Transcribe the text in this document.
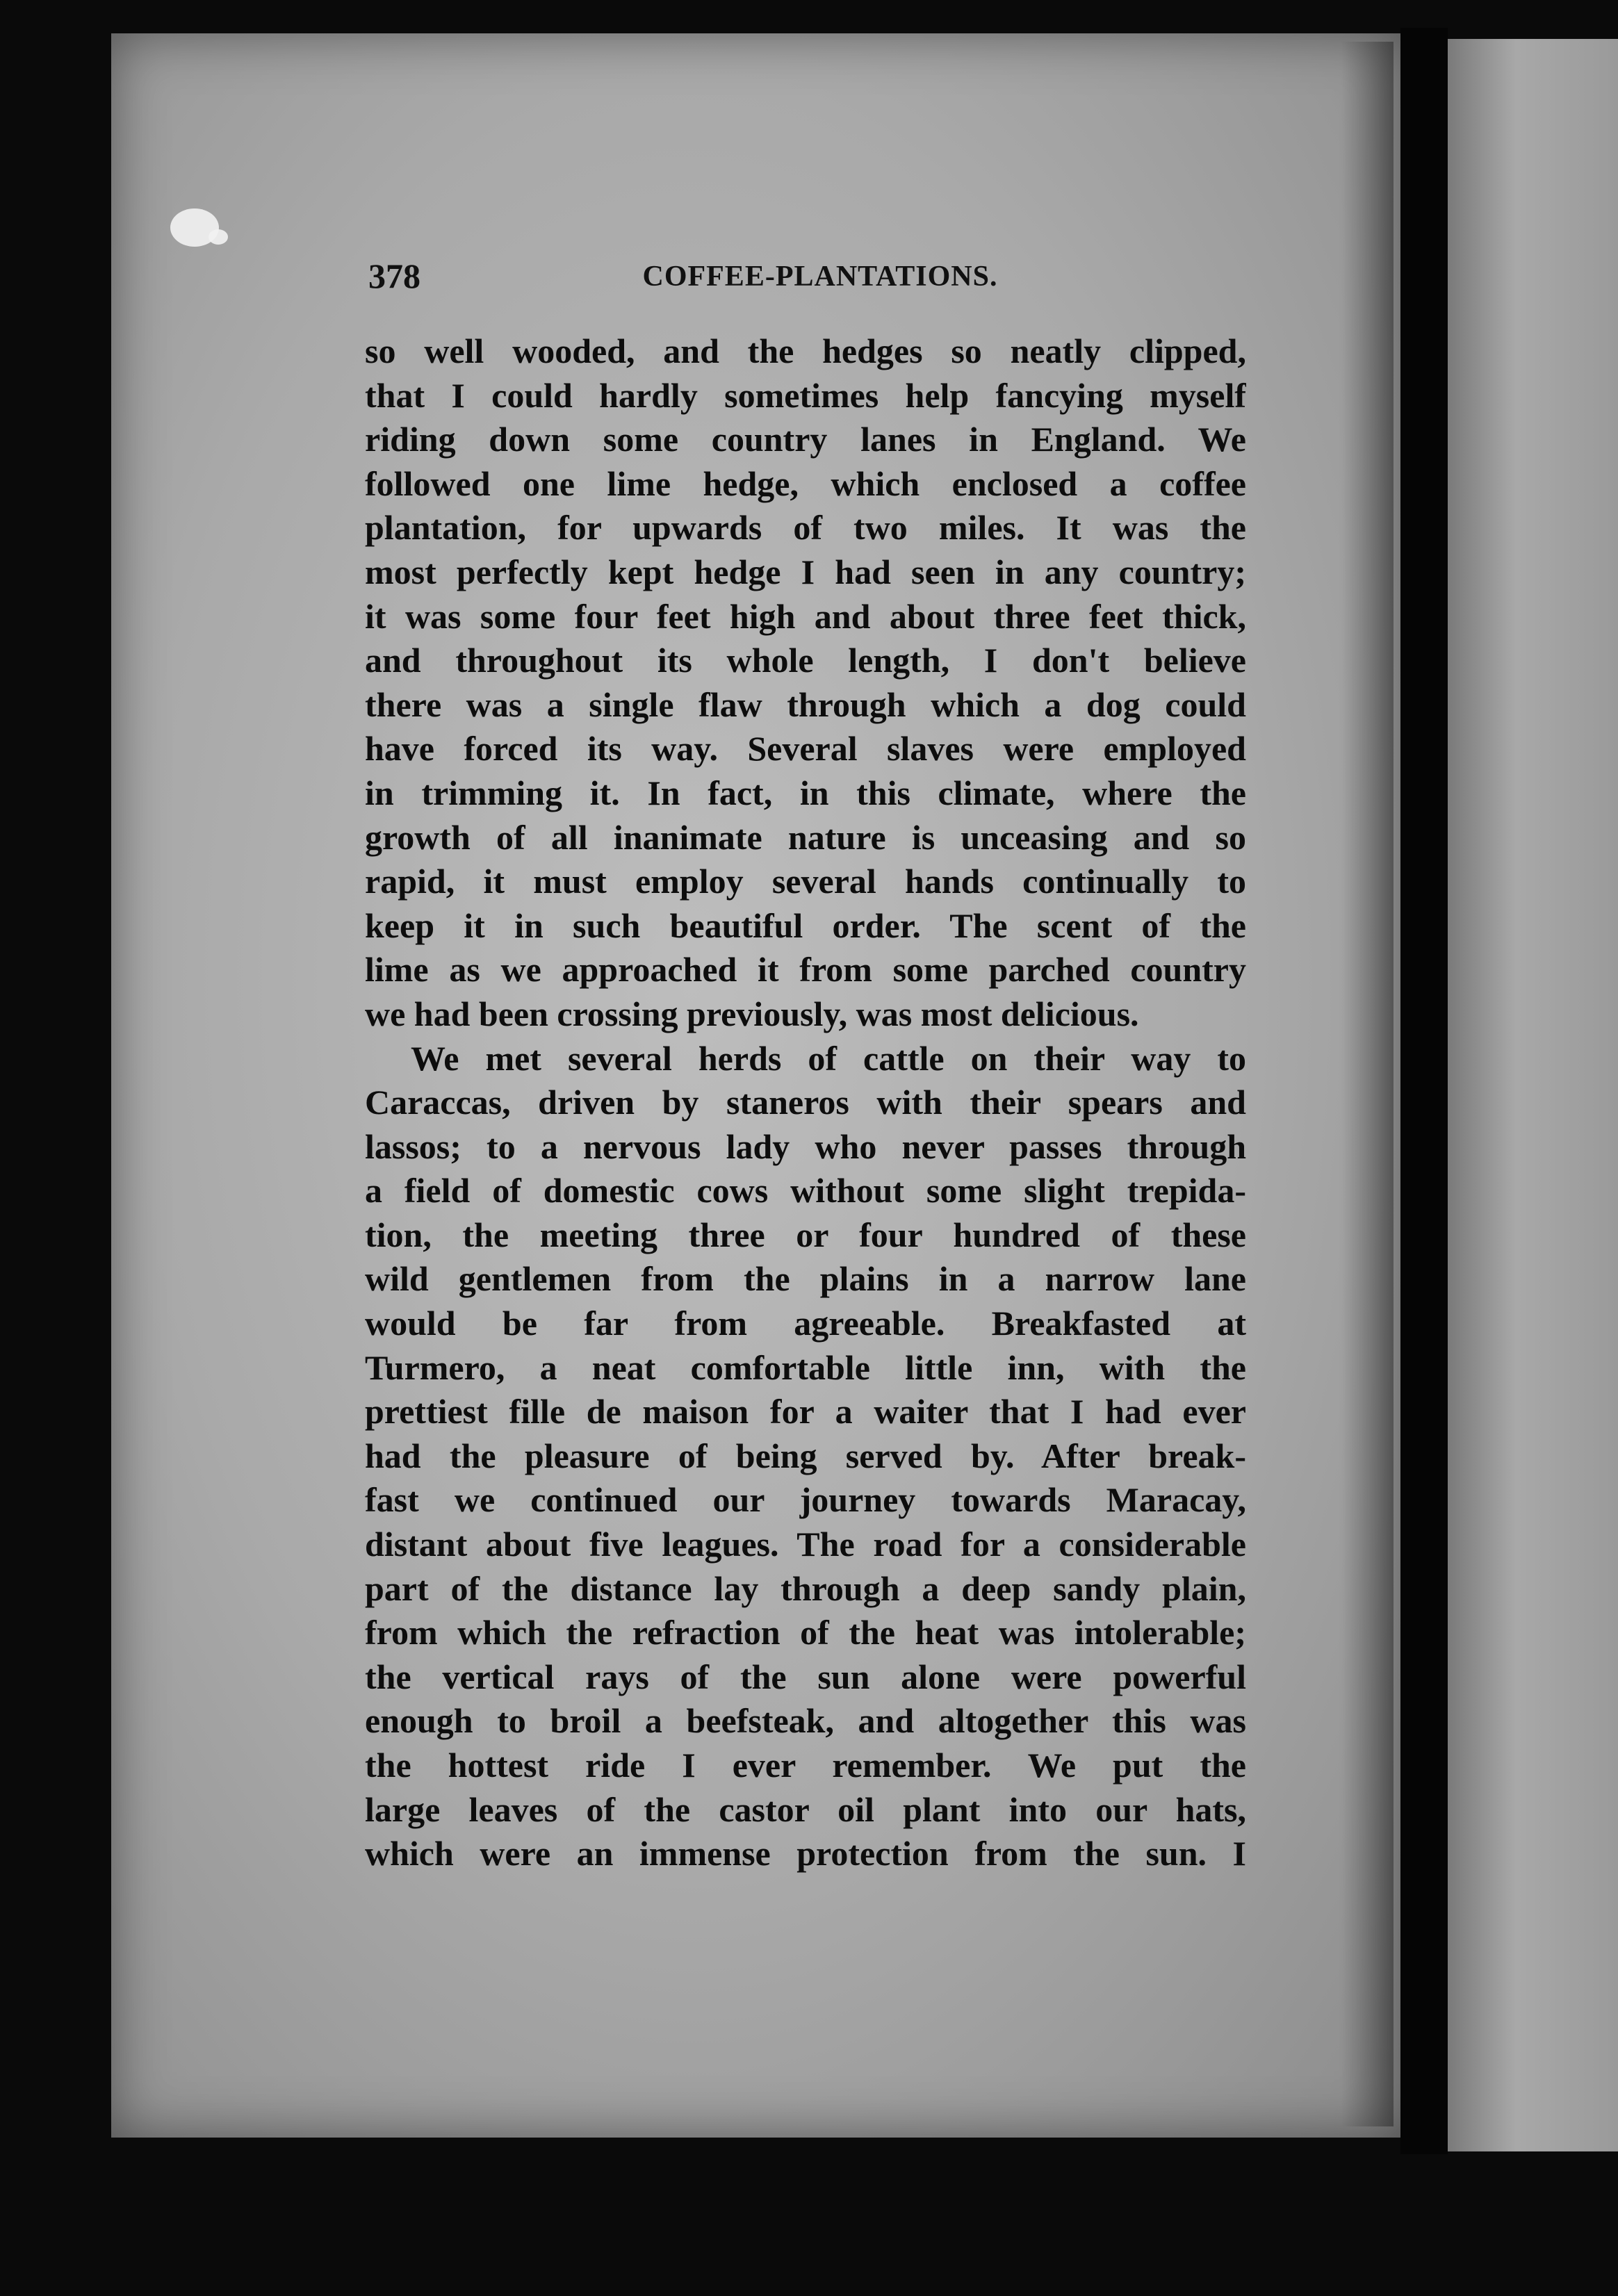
378	COFFEE-PLANTATIONS.
so well wooded, and the hedges so neatly clipped,
that I could hardly sometimes help fancying myself
riding down some country lanes in England. We
followed one lime hedge, which enclosed a coffee
plantation, for upwards of two miles. It was the
most perfectly kept hedge I had seen in any country;
it was some four feet high and about three feet thick,
and throughout its whole length, I don't believe
there was a single flaw through which a dog could
have forced its way. Several slaves were employed
in trimming it. In fact, in this climate, where the
growth of all inanimate nature is unceasing and so
rapid, it must employ several hands continually to
keep it in such beautiful order. The scent of the
lime as we approached it from some parched country
we had been crossing previously, was most delicious.
We met several herds of cattle on their way to
Caraccas, driven by staneros with their spears and
lassos; to a nervous lady who never passes through
a field of domestic cows without some slight trepida-
tion, the meeting three or four hundred of these
wild gentlemen from the plains in a narrow lane
would be far from agreeable. Breakfasted at
Turmero, a neat comfortable little inn, with the
prettiest fille de maison for a waiter that I had ever
had the pleasure of being served by. After break-
fast we continued our journey towards Maracay,
distant about five leagues. The road for a considerable
part of the distance lay through a deep sandy plain,
from which the refraction of the heat was intolerable;
the vertical rays of the sun alone were powerful
enough to broil a beefsteak, and altogether this was
the hottest ride I ever remember. We put the
large leaves of the castor oil plant into our hats,
which were an immense protection from the sun. I
